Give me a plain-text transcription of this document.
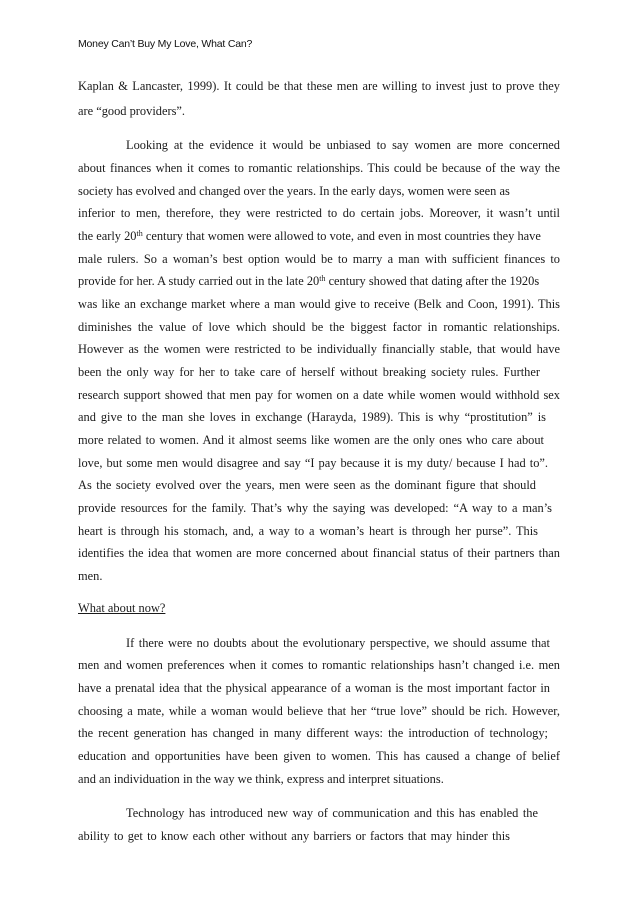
Money Can’t Buy My Love, What Can?
Kaplan & Lancaster, 1999). It could be that these men are willing to invest just to prove they
are “good providers”.
Looking at the evidence it would be unbiased to say women are more concerned
about finances when it comes to romantic relationships. This could be because of the way the
society has evolved and changed over the years. In the early days, women were seen as
inferior to men, therefore, they were restricted to do certain jobs. Moreover, it wasn’t until
the early 20th century that women were allowed to vote, and even in most countries they have
male rulers. So a woman’s best option would be to marry a man with sufficient finances to
provide for her. A study carried out in the late 20th century showed that dating after the 1920s
was like an exchange market where a man would give to receive (Belk and Coon, 1991). This
diminishes the value of love which should be the biggest factor in romantic relationships.
However as the women were restricted to be individually financially stable, that would have
been the only way for her to take care of herself without breaking society rules. Further
research support showed that men pay for women on a date while women would withhold sex
and give to the man she loves in exchange (Harayda, 1989). This is why “prostitution” is
more related to women. And it almost seems like women are the only ones who care about
love, but some men would disagree and say “I pay because it is my duty/ because I had to”.
As the society evolved over the years, men were seen as the dominant figure that should
provide resources for the family. That’s why the saying was developed: “A way to a man’s
heart is through his stomach, and, a way to a woman’s heart is through her purse”. This
identifies the idea that women are more concerned about financial status of their partners than
men.
What about now?
If there were no doubts about the evolutionary perspective, we should assume that
men and women preferences when it comes to romantic relationships hasn’t changed i.e. men
have a prenatal idea that the physical appearance of a woman is the most important factor in
choosing a mate, while a woman would believe that her “true love” should be rich. However,
the recent generation has changed in many different ways: the introduction of technology;
education and opportunities have been given to women. This has caused a change of belief
and an individuation in the way we think, express and interpret situations.
Technology has introduced new way of communication and this has enabled the
ability to get to know each other without any barriers or factors that may hinder this
